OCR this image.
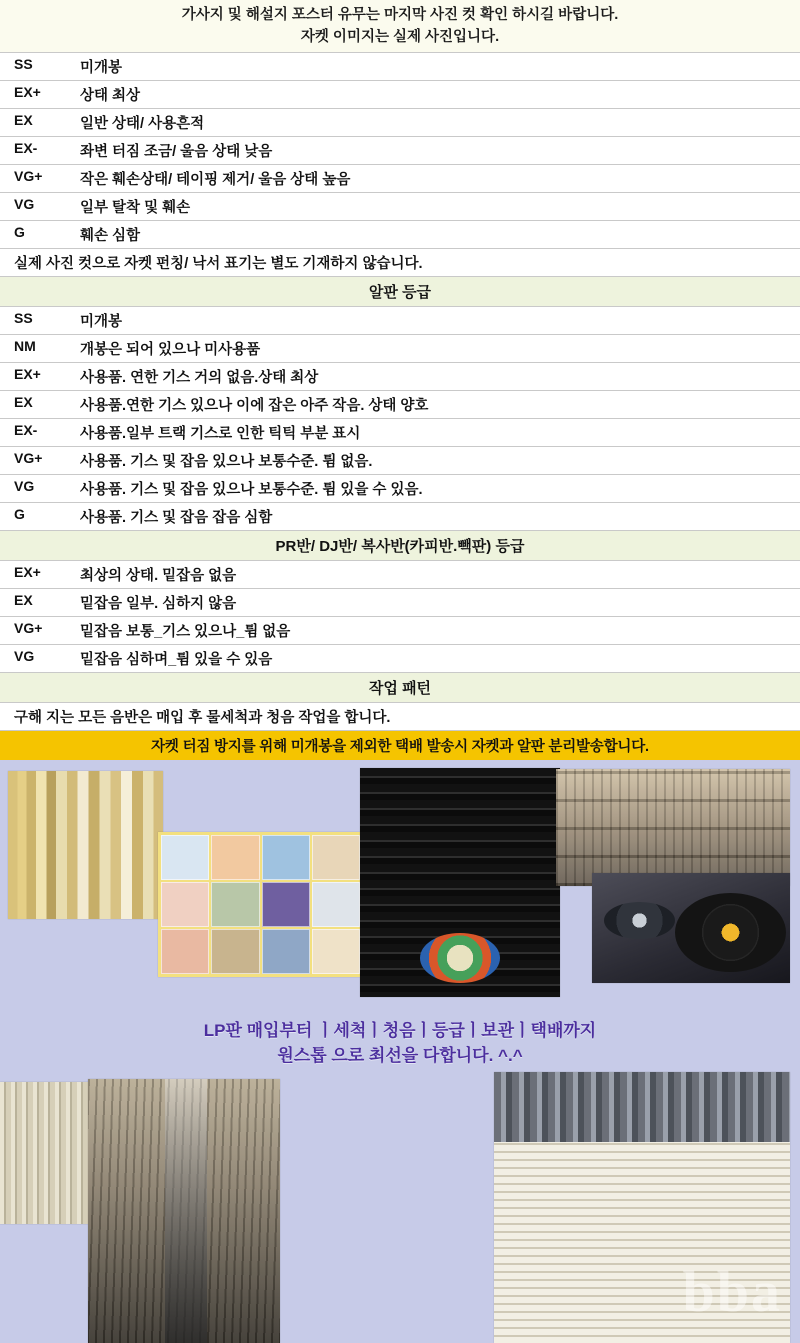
가사지 및 해설지 포스터 유무는 마지막 사진 컷 확인 하시길 바랍니다.
자켓 이미지는 실제 사진입니다.
SS	미개봉
EX+	상태 최상
EX	일반 상태/ 사용흔적
EX-	좌변 터짐 조금/ 울음 상태 낮음
VG+	작은 훼손상태/ 테이핑 제거/ 울음 상태 높음
VG	일부 탈착 및 훼손
G	훼손 심함
실제 사진 컷으로 자켓 펀칭/ 낙서 표기는 별도 기재하지 않습니다.
알판 등급
SS	미개봉
NM	개봉은 되어 있으나 미사용품
EX+	사용품. 연한 기스 거의 없음.상태 최상
EX	사용품.연한 기스 있으나 이에 잡은 아주 작음. 상태 양호
EX-	사용품.일부 트랙 기스로 인한 틱틱 부분 표시
VG+	사용품. 기스 및 잡음 있으나 보통수준. 튐 없음.
VG	사용품. 기스 및 잡음 있으나 보통수준. 튐 있을 수 있음.
G	사용품. 기스 및 잡음 잡음 심함
PR반/ DJ반/ 복사반(카피반.빽판) 등급
EX+	최상의 상태. 밑잡음 없음
EX	밑잡음 일부. 심하지 않음
VG+	밑잡음 보통_기스 있으나_튐 없음
VG	밑잡음 심하며_튐 있을 수 있음
작업 패턴
구해 지는 모든 음반은 매입 후 물세척과 청음 작업을 합니다.
자켓 터짐 방지를 위해 미개봉을 제외한 택배 발송시 자켓과 알판 분리발송합니다.
LP판 매입부터 ㅣ세척ㅣ청음ㅣ등급ㅣ보관ㅣ택배까지
원스톱 으로 최선을 다합니다. ^.^
bba
